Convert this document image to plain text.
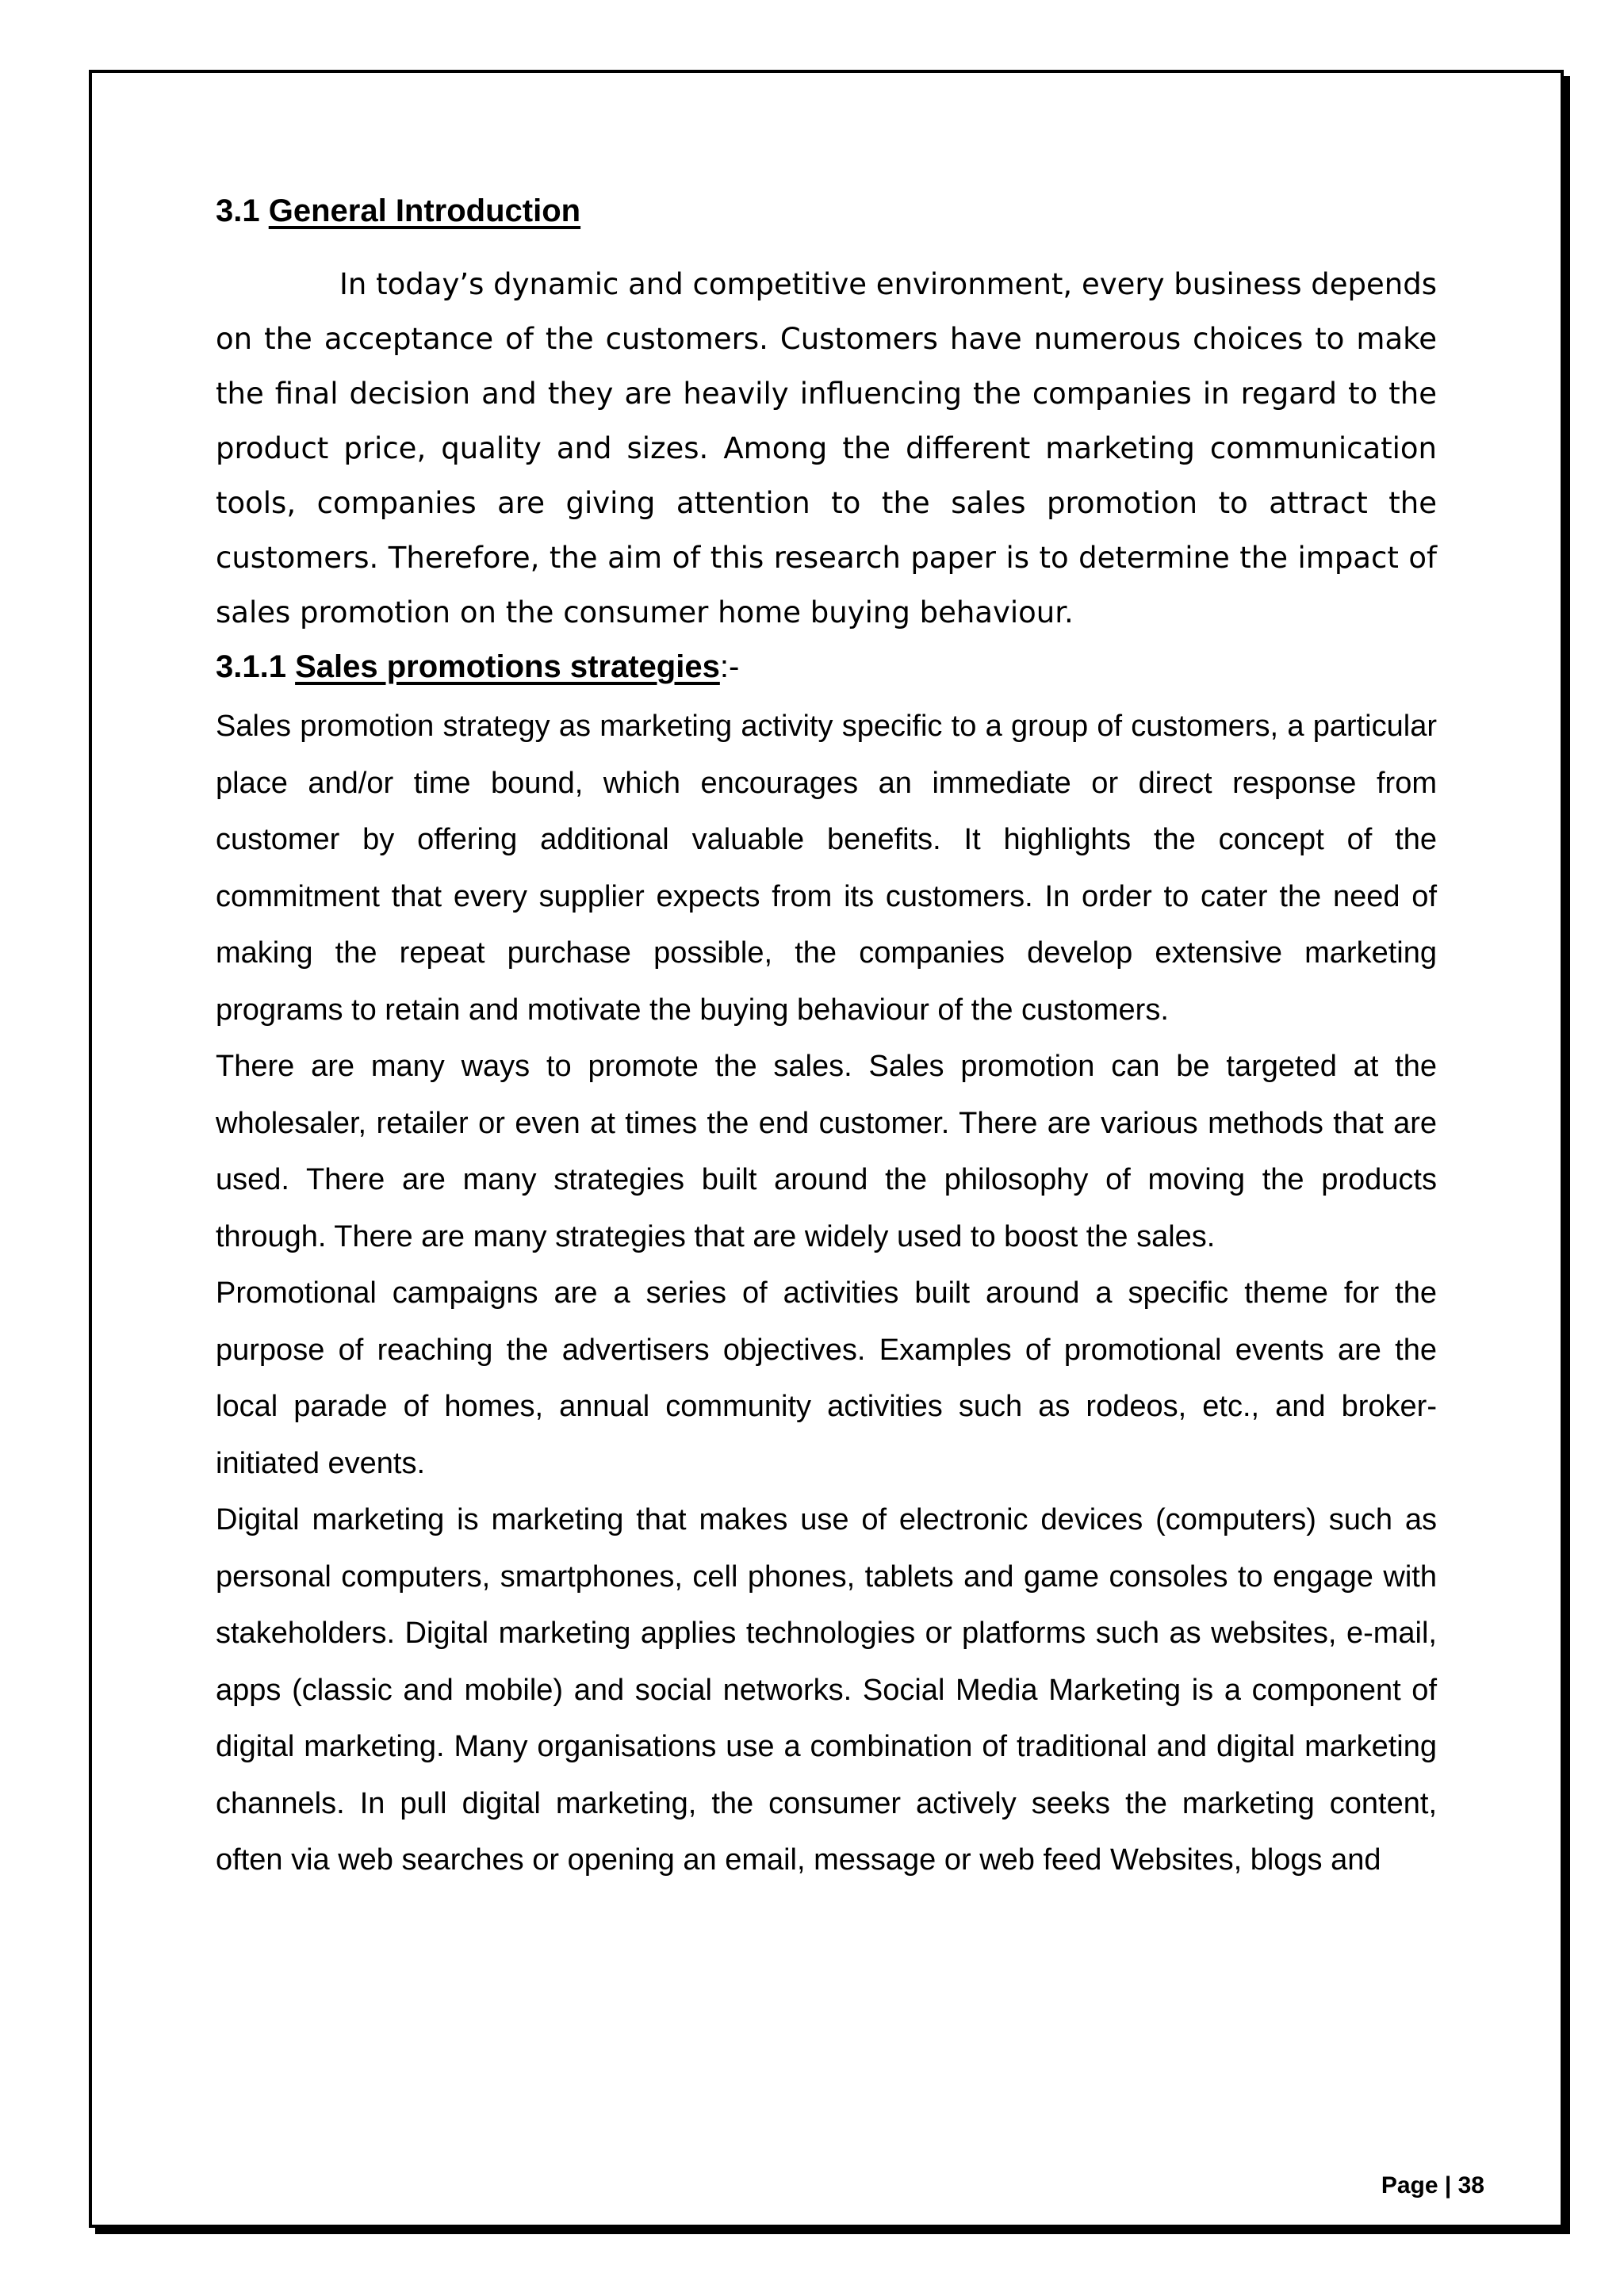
3.1 General Introduction

In today’s dynamic and competitive environment, every business depends on the acceptance of the customers. Customers have numerous choices to make the final decision and they are heavily influencing the companies in regard to the product price, quality and sizes. Among the different marketing communication tools, companies are giving attention to the sales promotion to attract the customers. Therefore, the aim of this research paper is to determine the impact of sales promotion on the consumer home buying behaviour.

3.1.1 Sales promotions strategies:-

Sales promotion strategy as marketing activity specific to a group of customers, a particular place and/or time bound, which encourages an immediate or direct response from customer by offering additional valuable benefits. It highlights the concept of the commitment that every supplier expects from its customers. In order to cater the need of making the repeat purchase possible, the companies develop extensive marketing programs to retain and motivate the buying behaviour of the customers.

There are many ways to promote the sales. Sales promotion can be targeted at the wholesaler, retailer or even at times the end customer. There are various methods that are used. There are many strategies built around the philosophy of moving the products through. There are many strategies that are widely used to boost the sales.

Promotional campaigns are a series of activities built around a specific theme for the purpose of reaching the advertisers objectives. Examples of promotional events are the local parade of homes, annual community activities such as rodeos, etc., and broker-initiated events.

Digital marketing is marketing that makes use of electronic devices (computers) such as personal computers, smartphones, cell phones, tablets and game consoles to engage with stakeholders. Digital marketing applies technologies or platforms such as websites, e-mail, apps (classic and mobile) and social networks. Social Media Marketing is a component of digital marketing. Many organisations use a combination of traditional and digital marketing channels. In pull digital marketing, the consumer actively seeks the marketing content, often via web searches or opening an email, message or web feed Websites, blogs and

Page | 38
